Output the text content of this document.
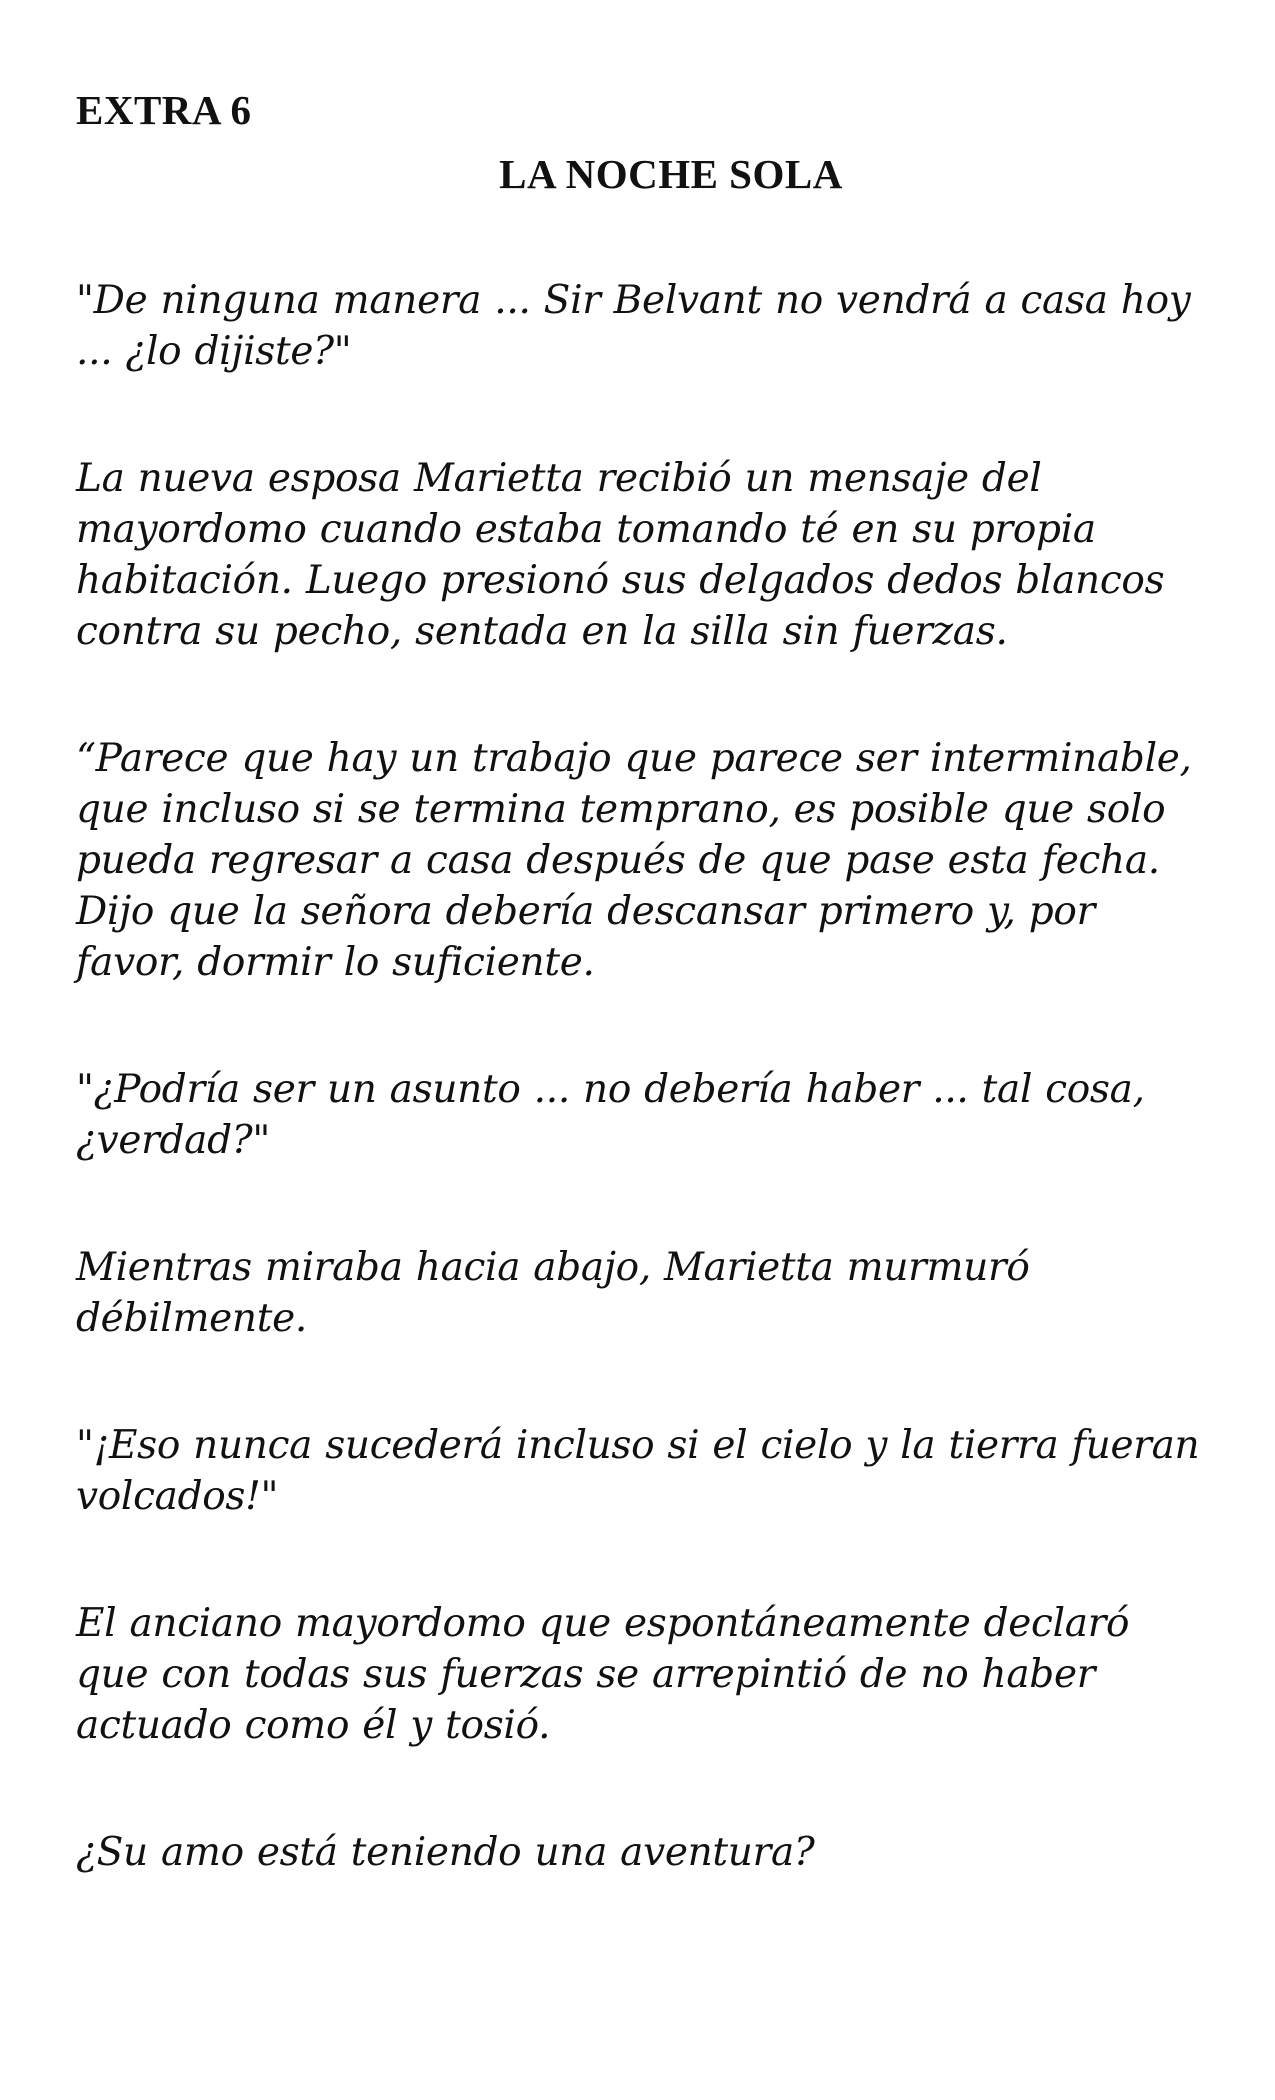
EXTRA 6
LA NOCHE SOLA

"De ninguna manera ... Sir Belvant no vendrá a casa hoy ... ¿lo dijiste?"

La nueva esposa Marietta recibió un mensaje del mayordomo cuando estaba tomando té en su propia habitación. Luego presionó sus delgados dedos blancos contra su pecho, sentada en la silla sin fuerzas.

“Parece que hay un trabajo que parece ser interminable, que incluso si se termina temprano, es posible que solo pueda regresar a casa después de que pase esta fecha. Dijo que la señora debería descansar primero y, por favor, dormir lo suficiente.

"¿Podría ser un asunto ... no debería haber ... tal cosa, ¿verdad?"

Mientras miraba hacia abajo, Marietta murmuró débilmente.

"¡Eso nunca sucederá incluso si el cielo y la tierra fueran volcados!"

El anciano mayordomo que espontáneamente declaró que con todas sus fuerzas se arrepintió de no haber actuado como él y tosió.

¿Su amo está teniendo una aventura?
